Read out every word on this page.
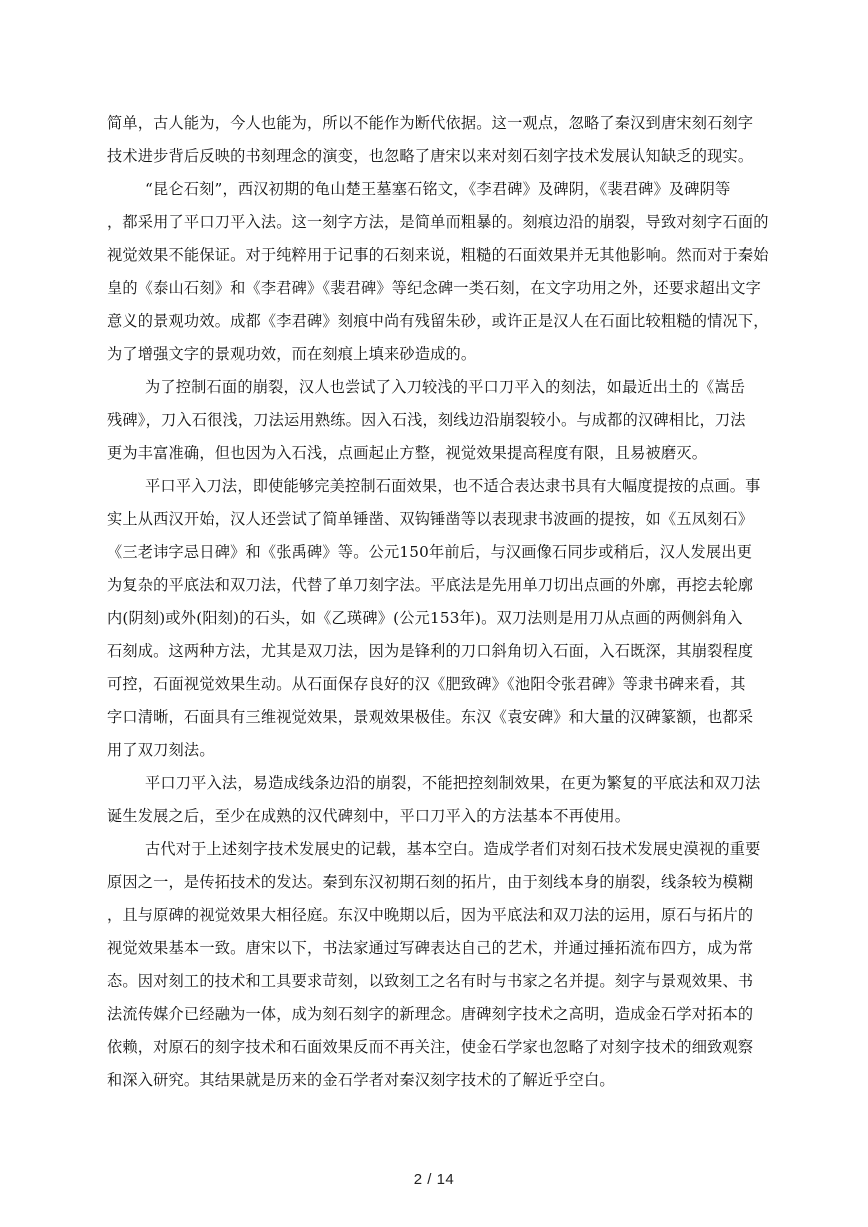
简单，古人能为，今人也能为，所以不能作为断代依据。这一观点，忽略了秦汉到唐宋刻石刻字
技术进步背后反映的书刻理念的演变，也忽略了唐宋以来对刻石刻字技术发展认知缺乏的现实。
“昆仑石刻”，西汉初期的龟山楚王墓塞石铭文，《李君碑》及碑阴，《裴君碑》及碑阴等
，都采用了平口刀平入法。这一刻字方法，是简单而粗暴的。刻痕边沿的崩裂，导致对刻字石面的
视觉效果不能保证。对于纯粹用于记事的石刻来说，粗糙的石面效果并无其他影响。然而对于秦始
皇的《泰山石刻》和《李君碑》《裴君碑》等纪念碑一类石刻，在文字功用之外，还要求超出文字
意义的景观功效。成都《李君碑》刻痕中尚有残留朱砂，或许正是汉人在石面比较粗糙的情况下，
为了增强文字的景观功效，而在刻痕上填来砂造成的。
为了控制石面的崩裂，汉人也尝试了入刀较浅的平口刀平入的刻法，如最近出土的《嵩岳
残碑》，刀入石很浅，刀法运用熟练。因入石浅，刻线边沿崩裂较小。与成都的汉碑相比，刀法
更为丰富准确，但也因为入石浅，点画起止方整，视觉效果提高程度有限，且易被磨灭。
平口平入刀法，即使能够完美控制石面效果，也不适合表达隶书具有大幅度提按的点画。事
实上从西汉开始，汉人还尝试了简单锤凿、双钩锤凿等以表现隶书波画的提按，如《五凤刻石》
《三老讳字忌日碑》和《张禹碑》等。公元150年前后，与汉画像石同步或稍后，汉人发展出更
为复杂的平底法和双刀法，代替了单刀刻字法。平底法是先用单刀切出点画的外廓，再挖去轮廓
内(阴刻)或外(阳刻)的石头，如《乙瑛碑》(公元153年)。双刀法则是用刀从点画的两侧斜角入
石刻成。这两种方法，尤其是双刀法，因为是锋利的刀口斜角切入石面，入石既深，其崩裂程度
可控，石面视觉效果生动。从石面保存良好的汉《肥致碑》《池阳令张君碑》等隶书碑来看，其
字口清晰，石面具有三维视觉效果，景观效果极佳。东汉《袁安碑》和大量的汉碑篆额，也都采
用了双刀刻法。
平口刀平入法，易造成线条边沿的崩裂，不能把控刻制效果，在更为繁复的平底法和双刀法
诞生发展之后，至少在成熟的汉代碑刻中，平口刀平入的方法基本不再使用。
古代对于上述刻字技术发展史的记载，基本空白。造成学者们对刻石技术发展史漠视的重要
原因之一，是传拓技术的发达。秦到东汉初期石刻的拓片，由于刻线本身的崩裂，线条较为模糊
，且与原碑的视觉效果大相径庭。东汉中晚期以后，因为平底法和双刀法的运用，原石与拓片的
视觉效果基本一致。唐宋以下，书法家通过写碑表达自己的艺术，并通过捶拓流布四方，成为常
态。因对刻工的技术和工具要求苛刻，以致刻工之名有时与书家之名并提。刻字与景观效果、书
法流传媒介已经融为一体，成为刻石刻字的新理念。唐碑刻字技术之高明，造成金石学对拓本的
依赖，对原石的刻字技术和石面效果反而不再关注，使金石学家也忽略了对刻字技术的细致观察
和深入研究。其结果就是历来的金石学者对秦汉刻字技术的了解近乎空白。
2 / 14
